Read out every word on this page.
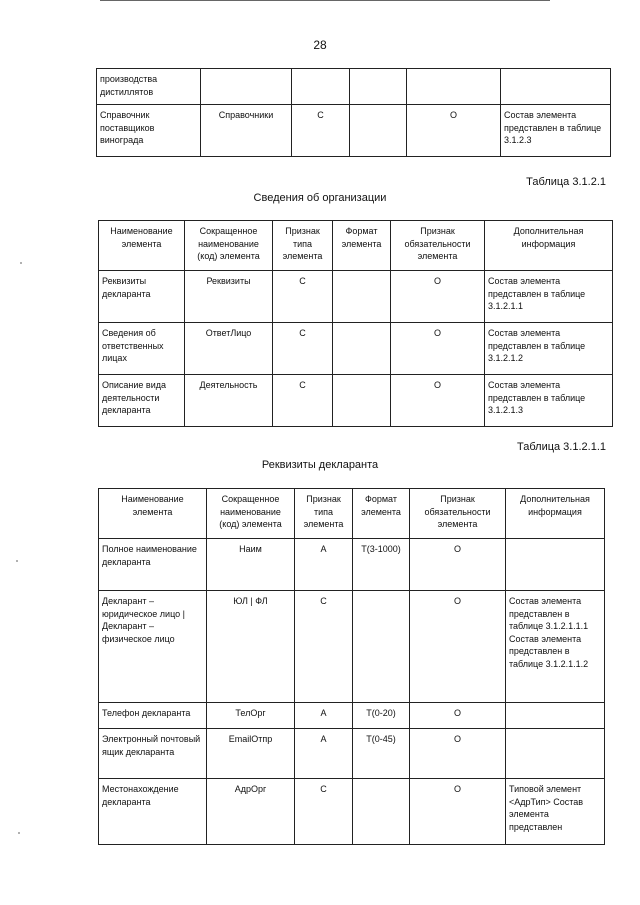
28
производства дистиллятов					
Справочник поставщиков винограда	Справочники	С		О	Состав элемента представлен в таблице 3.1.2.3
Таблица 3.1.2.1
Сведения об организации
Наименование элемента	Сокращенное наименование (код) элемента	Признак типа элемента	Формат элемента	Признак обязательности элемента	Дополнительная информация
Реквизиты декларанта	Реквизиты	С		О	Состав элемента представлен в таблице 3.1.2.1.1
Сведения об ответственных лицах	ОтветЛицо	С		О	Состав элемента представлен в таблице 3.1.2.1.2
Описание вида деятельности декларанта	Деятельность	С		О	Состав элемента представлен в таблице 3.1.2.1.3
Таблица 3.1.2.1.1
Реквизиты декларанта
Наименование элемента	Сокращенное наименование (код) элемента	Признак типа элемента	Формат элемента	Признак обязательности элемента	Дополнительная информация
Полное наименование декларанта	Наим	А	Т(3-1000)	О	
Декларант – юридическое лицо | Декларант – физическое лицо	ЮЛ | ФЛ	С		О	Состав элемента представлен в таблице 3.1.2.1.1.1 Состав элемента представлен в таблице 3.1.2.1.1.2
Телефон декларанта	ТелОрг	А	Т(0-20)	О	
Электронный почтовый ящик декларанта	EmailОтпр	А	Т(0-45)	О	
Местонахождение декларанта	АдрОрг	С		О	Типовой элемент <АдрТип> Состав элемента представлен
